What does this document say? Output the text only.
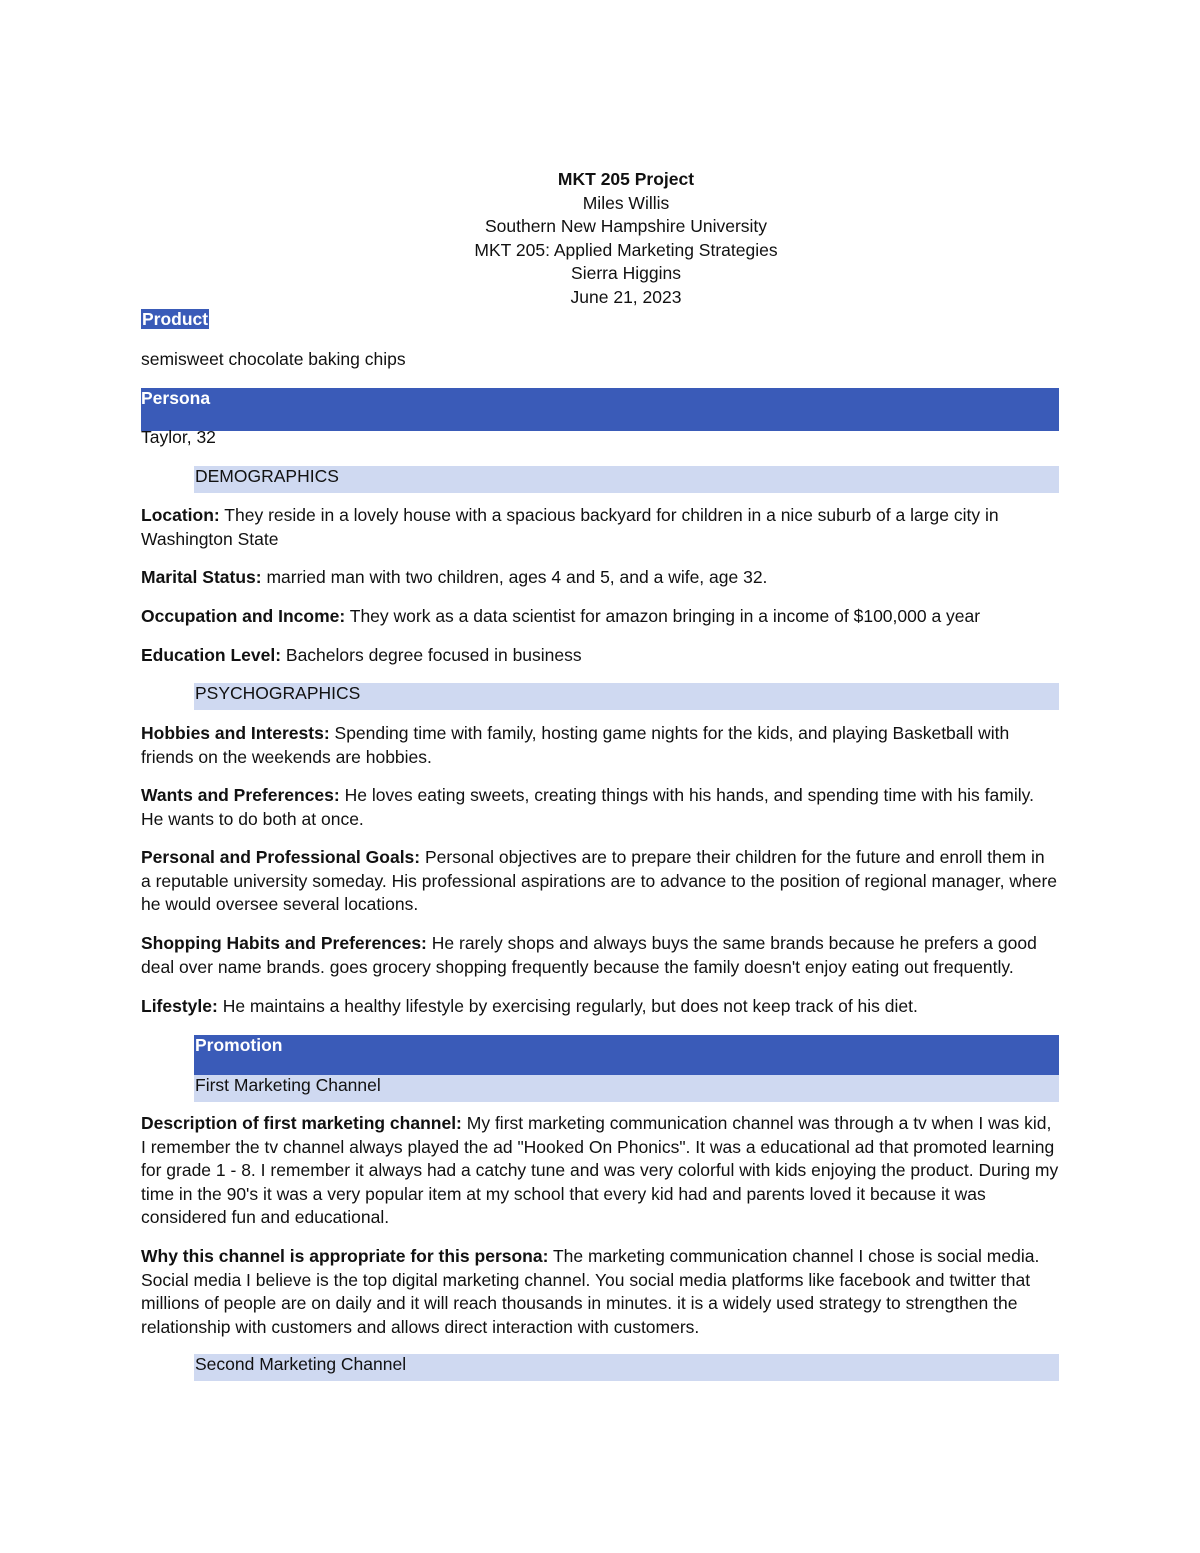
MKT 205 Project
Miles Willis
Southern New Hampshire University
MKT 205: Applied Marketing Strategies
Sierra Higgins
June 21, 2023
Product
semisweet chocolate baking chips
Persona
Taylor, 32
DEMOGRAPHICS
Location: They reside in a lovely house with a spacious backyard for children in a nice suburb of a large city in Washington State
Marital Status: married man with two children, ages 4 and 5, and a wife, age 32.
Occupation and Income: They work as a data scientist for amazon bringing in a income of $100,000 a year
Education Level: Bachelors degree focused in business
PSYCHOGRAPHICS
Hobbies and Interests: Spending time with family, hosting game nights for the kids, and playing Basketball with friends on the weekends are hobbies.
Wants and Preferences: He loves eating sweets, creating things with his hands, and spending time with his family. He wants to do both at once.
Personal and Professional Goals: Personal objectives are to prepare their children for the future and enroll them in a reputable university someday. His professional aspirations are to advance to the position of regional manager, where he would oversee several locations.
Shopping Habits and Preferences: He rarely shops and always buys the same brands because he prefers a good deal over name brands. goes grocery shopping frequently because the family doesn't enjoy eating out frequently.
Lifestyle: He maintains a healthy lifestyle by exercising regularly, but does not keep track of his diet.
Promotion
First Marketing Channel
Description of first marketing channel: My first marketing communication channel was through a tv when I was kid, I remember the tv channel always played the ad "Hooked On Phonics". It was a educational ad that promoted learning for grade 1 - 8. I remember it always had a catchy tune and was very colorful with kids enjoying the product. During my time in the 90's it was a very popular item at my school that every kid had and parents loved it because it was considered fun and educational.
Why this channel is appropriate for this persona: The marketing communication channel I chose is social media. Social media I believe is the top digital marketing channel. You social media platforms like facebook and twitter that millions of people are on daily and it will reach thousands in minutes. it is a widely used strategy to strengthen the relationship with customers and allows direct interaction with customers.
Second Marketing Channel
